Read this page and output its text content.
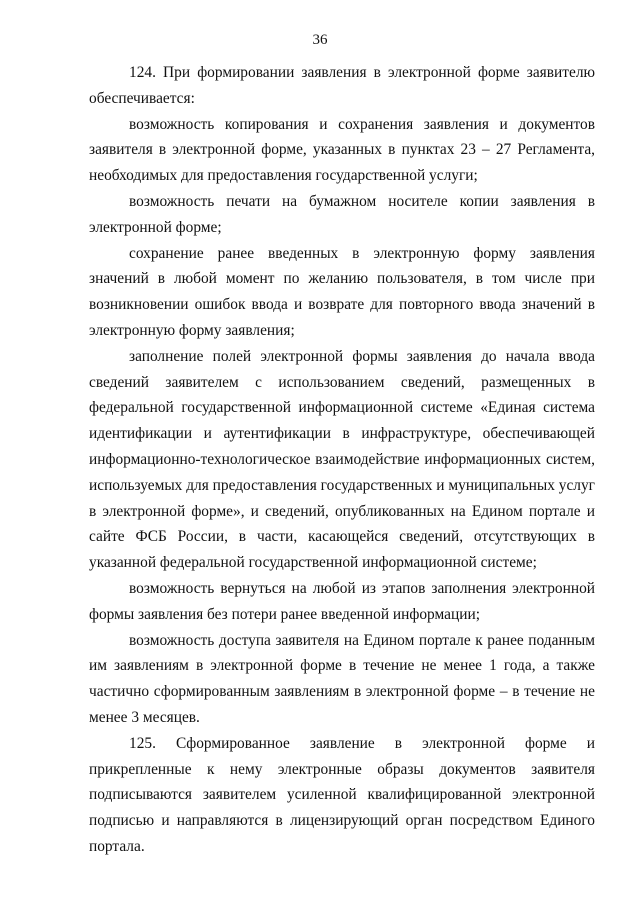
36

124. При формировании заявления в электронной форме заявителю обеспечивается:

возможность копирования и сохранения заявления и документов заявителя в электронной форме, указанных в пунктах 23 – 27 Регламента, необходимых для предоставления государственной услуги;

возможность печати на бумажном носителе копии заявления в электронной форме;

сохранение ранее введенных в электронную форму заявления значений в любой момент по желанию пользователя, в том числе при возникновении ошибок ввода и возврате для повторного ввода значений в электронную форму заявления;

заполнение полей электронной формы заявления до начала ввода сведений заявителем с использованием сведений, размещенных в федеральной государственной информационной системе «Единая система идентификации и аутентификации в инфраструктуре, обеспечивающей информационно-технологическое взаимодействие информационных систем, используемых для предоставления государственных и муниципальных услуг в электронной форме», и сведений, опубликованных на Едином портале и сайте ФСБ России, в части, касающейся сведений, отсутствующих в указанной федеральной государственной информационной системе;

возможность вернуться на любой из этапов заполнения электронной формы заявления без потери ранее введенной информации;

возможность доступа заявителя на Едином портале к ранее поданным им заявлениям в электронной форме в течение не менее 1 года, а также частично сформированным заявлениям в электронной форме – в течение не менее 3 месяцев.

125. Сформированное заявление в электронной форме и прикрепленные к нему электронные образы документов заявителя подписываются заявителем усиленной квалифицированной электронной подписью и направляются в лицензирующий орган посредством Единого портала.
